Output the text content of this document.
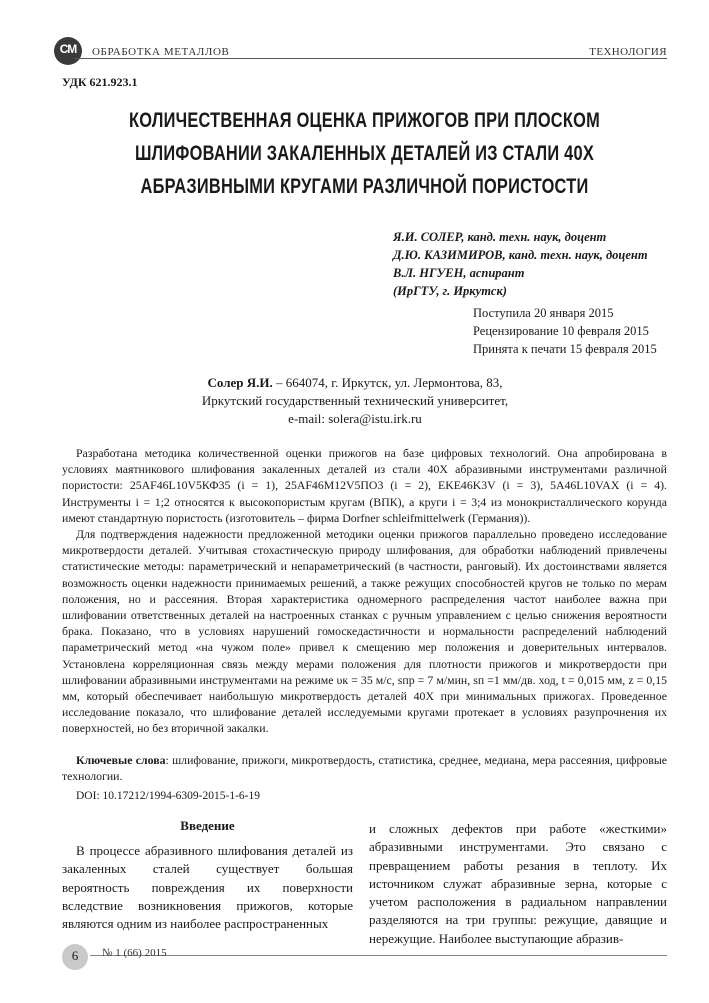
СМ	ОБРАБОТКА МЕТАЛЛОВ	ТЕХНОЛОГИЯ
УДК 621.923.1
КОЛИЧЕСТВЕННАЯ ОЦЕНКА ПРИЖОГОВ ПРИ ПЛОСКОМ
ШЛИФОВАНИИ ЗАКАЛЕННЫХ ДЕТАЛЕЙ ИЗ СТАЛИ 40Х
АБРАЗИВНЫМИ КРУГАМИ РАЗЛИЧНОЙ ПОРИСТОСТИ
Я.И. СОЛЕР, канд. техн. наук, доцент
Д.Ю. КАЗИМИРОВ, канд. техн. наук, доцент
В.Л. НГУЕН, аспирант
(ИрГТУ, г. Иркутск)
Поступила 20 января 2015
Рецензирование 10 февраля 2015
Принята к печати 15 февраля 2015
Солер Я.И. – 664074, г. Иркутск, ул. Лермонтова, 83,
Иркутский государственный технический университет,
e-mail: solera@istu.irk.ru

Разработана методика количественной оценки прижогов на базе цифровых технологий. Она апробирована в условиях маятникового шлифования закаленных деталей из стали 40Х абразивными инструментами различной пористости: 25AF46L10V5КФ35 (i = 1), 25AF46M12V5ПО3 (i = 2), EKE46K3V (i = 3), 5A46L10VAX (i = 4). Инструменты i = 1;2 относятся к высокопористым кругам (ВПК), а круги i = 3;4 из монокристаллического корунда имеют стандартную пористость (изготовитель – фирма Dorfner schleifmittelwerk (Германия)).

Для подтверждения надежности предложенной методики оценки прижогов параллельно проведено исследование микротвердости деталей. Учитывая стохастическую природу шлифования, для обработки наблюдений привлечены статистические методы: параметрический и непараметрический (в частности, ранговый). Их достоинствами является возможность оценки надежности принимаемых решений, а также режущих способностей кругов не только по мерам положения, но и рассеяния. Вторая характеристика одномерного распределения частот наиболее важна при шлифовании ответственных деталей на настроенных станках с ручным управлением с целью снижения вероятности брака. Показано, что в условиях нарушений гомоскедастичности и нормальности распределений наблюдений параметрический метод «на чужом поле» привел к смещению мер положения и доверительных интервалов. Установлена корреляционная связь между мерами положения для плотности прижогов и микротвердости при шлифовании абразивными инструментами на режиме υк = 35 м/с, sпр = 7 м/мин, sп =1 мм/дв. ход, t = 0,015 мм, z = 0,15 мм, который обеспечивает наибольшую микротвердость деталей 40Х при минимальных прижогах. Проведенное исследование показало, что шлифование деталей исследуемыми кругами протекает в условиях разупрочнения их поверхностей, но без вторичной закалки.

Ключевые слова: шлифование, прижоги, микротвердость, статистика, среднее, медиана, мера рассеяния, цифровые технологии.
DOI: 10.17212/1994-6309-2015-1-6-19
Введение
В процессе абразивного шлифования деталей из закаленных сталей существует большая вероятность повреждения их поверхности вследствие возникновения прижогов, которые являются одним из наиболее распространенных
и сложных дефектов при работе «жесткими» абразивными инструментами. Это связано с превращением работы резания в теплоту. Их источником служат абразивные зерна, которые с учетом расположения в радиальном направлении разделяются на три группы: режущие, давящие и нережущие. Наиболее выступающие абразив-
6	№ 1 (66) 2015
